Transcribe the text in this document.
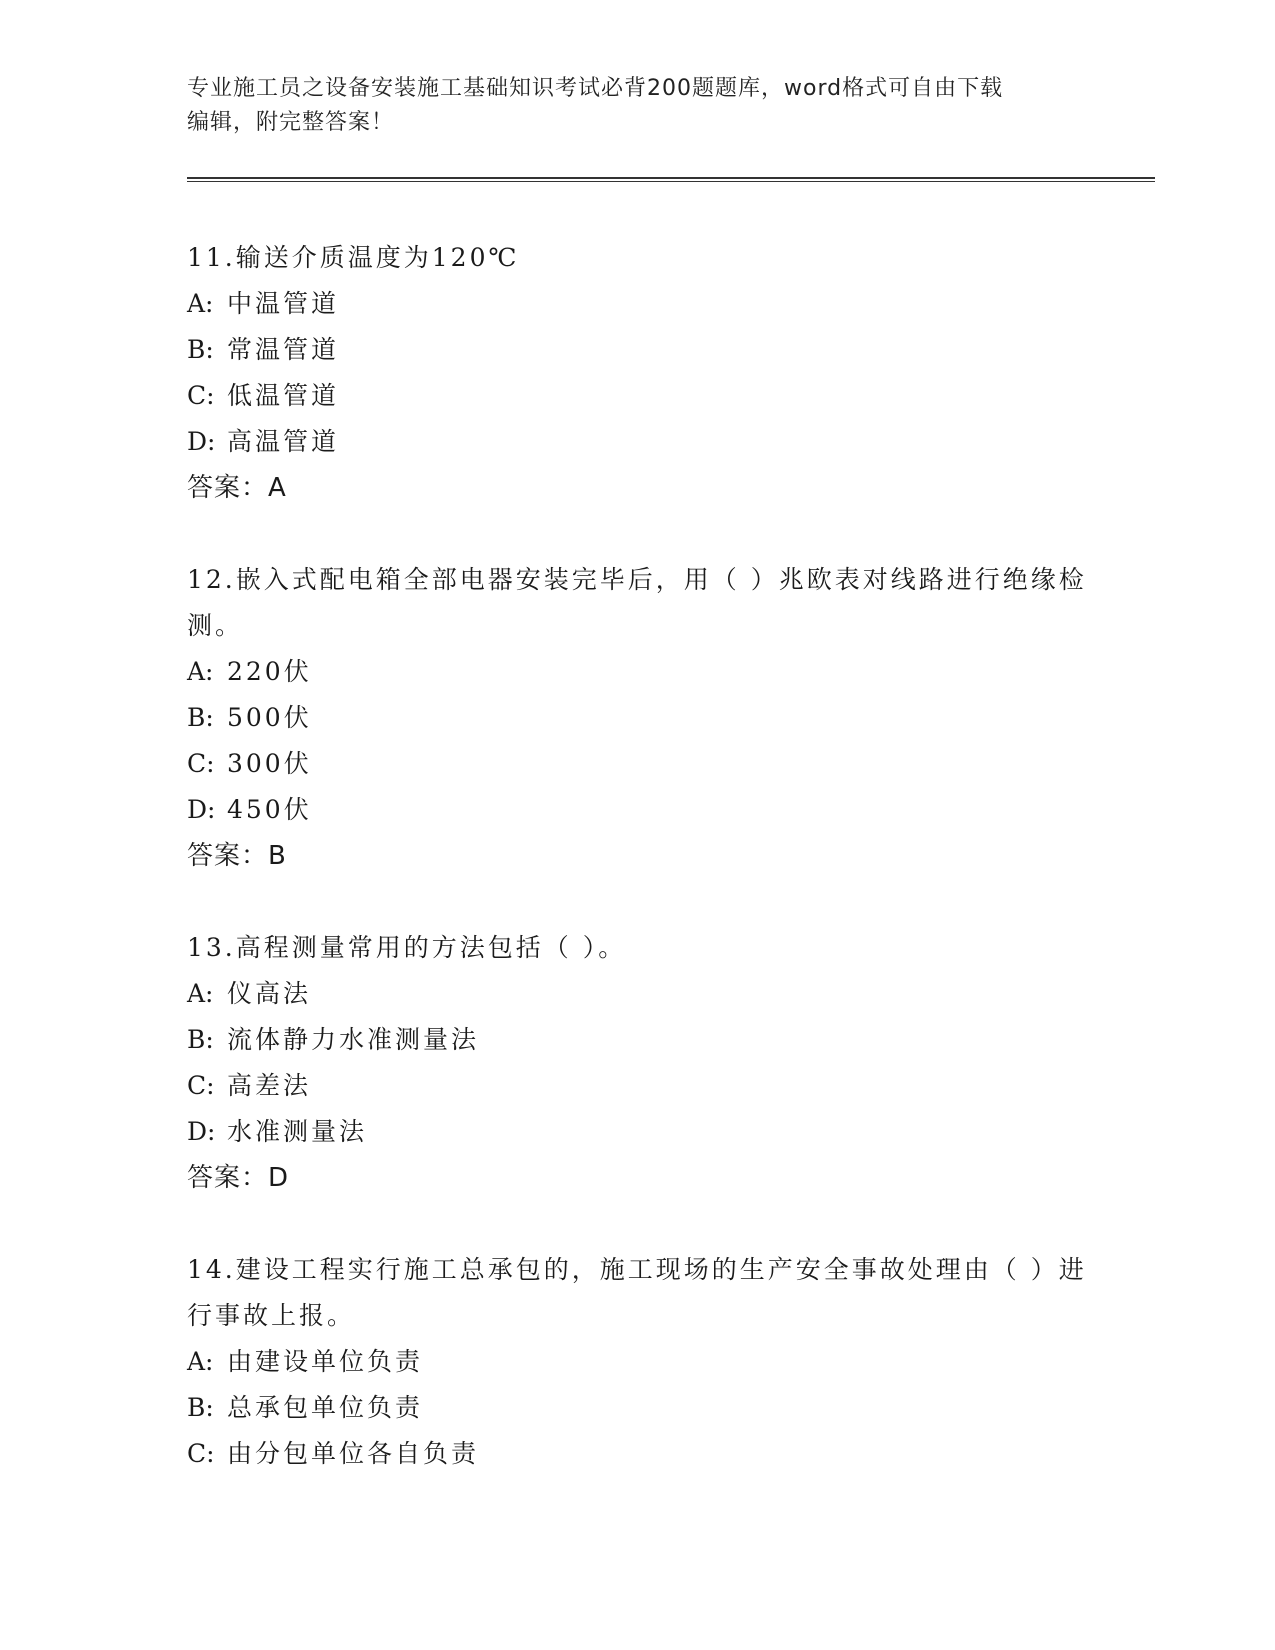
专业施工员之设备安装施工基础知识考试必背200题题库，word格式可自由下载
编辑，附完整答案！
11.输送介质温度为120℃
A: 中温管道
B: 常温管道
C: 低温管道
D: 高温管道
答案：A
12.嵌入式配电箱全部电器安装完毕后，用（ ）兆欧表对线路进行绝缘检测。
A: 220伏
B: 500伏
C: 300伏
D: 450伏
答案：B
13.高程测量常用的方法包括（ ）。
A: 仪高法
B: 流体静力水准测量法
C: 高差法
D: 水准测量法
答案：D
14.建设工程实行施工总承包的，施工现场的生产安全事故处理由（ ）进行事故上报。
A: 由建设单位负责
B: 总承包单位负责
C: 由分包单位各自负责
